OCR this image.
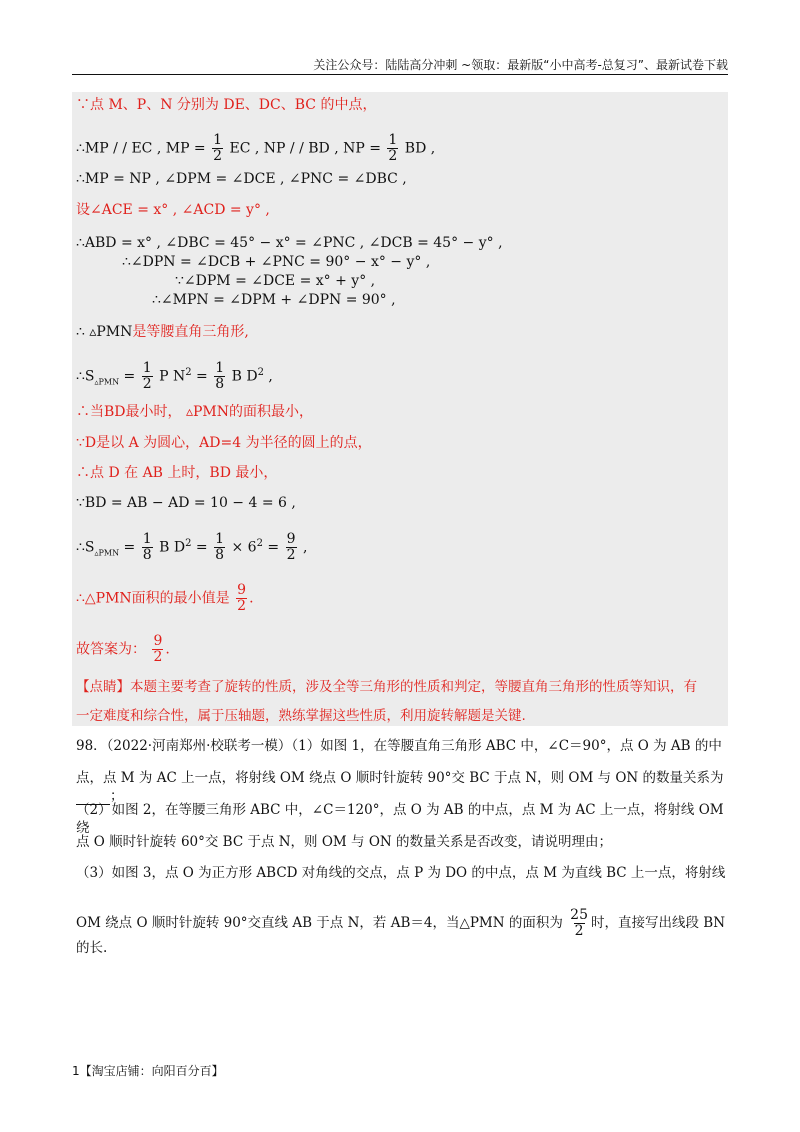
关注公众号：陆陆高分冲刺 ~领取：最新版“小中高考-总复习”、最新试卷下载
∵点 M、P、N 分别为 DE、DC、BC 的中点，
∴MP / / EC , MP = $\frac{1}{2}$ EC , NP / / BD , NP = $\frac{1}{2}$ BD ,
∴MP = NP , ∠DPM = ∠DCE , ∠PNC = ∠DBC ,
设∠ACE = x° , ∠ACD = y° ,
∴ABD = x° , ∠DBC = 45° − x° = ∠PNC , ∠DCB = 45° − y° ,
∴∠DPN = ∠DCB + ∠PNC = 90° − x° − y° ,
∵∠DPM = ∠DCE = x° + y° ,
∴∠MPN = ∠DPM + ∠DPN = 90° ,
∴ ▵PMN是等腰直角三角形,
$\therefore S_{▵PMN} = \frac{1}{2}$ P $N^2 = \frac{1}{8}$ B $D^2$ ,
∴当BD最小时， ▵PMN的面积最小，
∵D是以 A 为圆心，AD=4 为半径的圆上的点，
∴点 D 在 AB 上时，BD 最小，
∵BD = AB − AD = 10 − 4 = 6 ,
$\therefore S_{▵PMN} = \frac{1}{8}$ B $D^2 = \frac{1}{8} \times 6^2 = \frac{9}{2}$ ,
∴△PMN面积的最小值是 $\frac{9}{2}$ .
故答案为： $\frac{9}{2}$ .
【点睛】本题主要考查了旋转的性质，涉及全等三角形的性质和判定，等腰直角三角形的性质等知识，有
一定难度和综合性，属于压轴题，熟练掌握这些性质，利用旋转解题是关键.
98．（2022·河南郑州·校联考一模）（1）如图 1，在等腰直角三角形 ABC 中，∠C＝90°，点 O 为 AB 的中
点，点 M 为 AC 上一点，将射线 OM 绕点 O 顺时针旋转 90°交 BC 于点 N，则 OM 与 ON 的数量关系为；
（2）如图 2，在等腰三角形 ABC 中，∠C＝120°，点 O 为 AB 的中点，点 M 为 AC 上一点，将射线 OM 绕
点 O 顺时针旋转 60°交 BC 于点 N，则 OM 与 ON 的数量关系是否改变，请说明理由；
（3）如图 3，点 O 为正方形 ABCD 对角线的交点，点 P 为 DO 的中点，点 M 为直线 BC 上一点，将射线
OM 绕点 O 顺时针旋转 90°交直线 AB 于点 N，若 AB＝4，当△PMN 的面积为 $\frac{25}{2}$ 时，直接写出线段 BN 的长.
1【淘宝店铺：向阳百分百】
